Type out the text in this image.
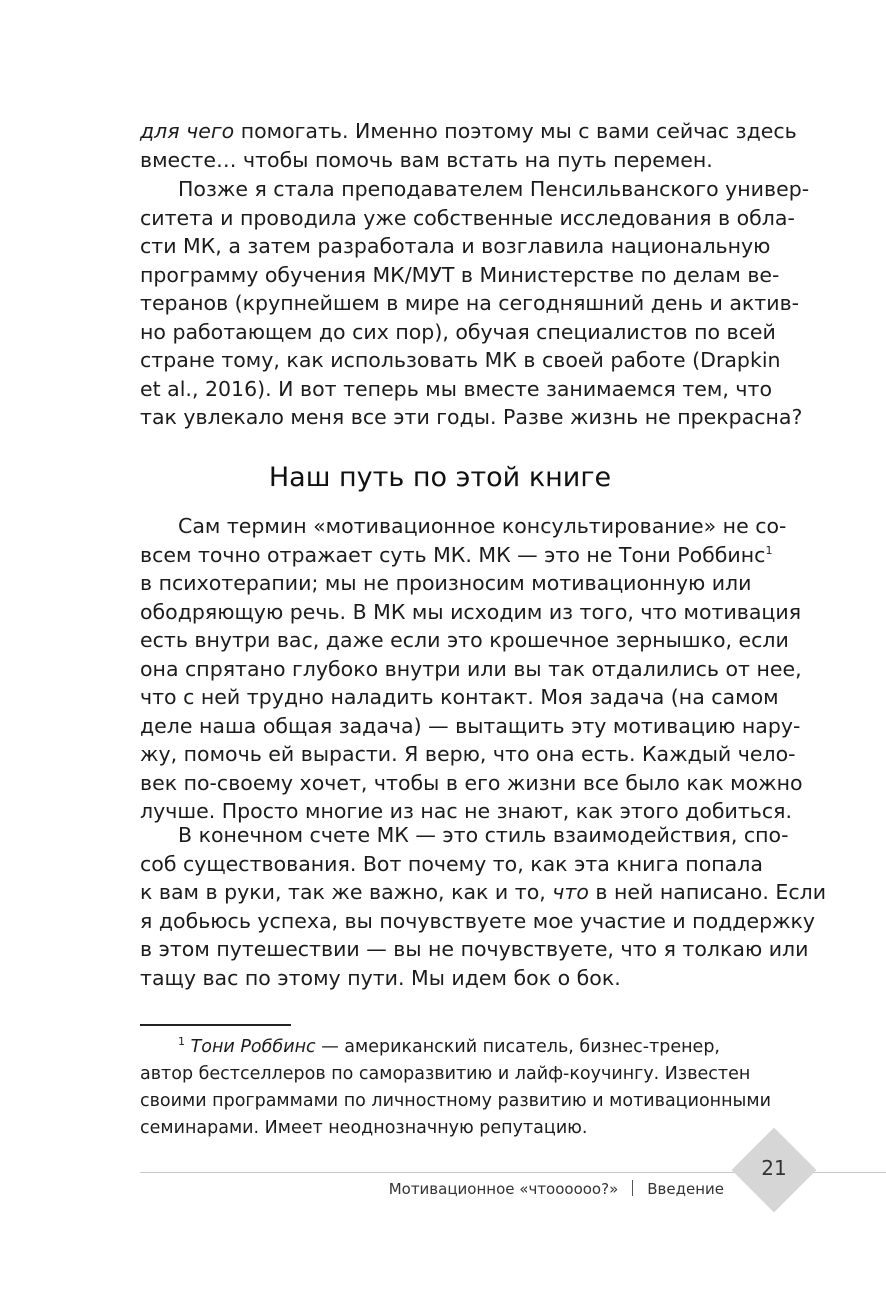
для чего помогать. Именно поэтому мы с вами сейчас здесь
вместе… чтобы помочь вам встать на путь перемен.
Позже я стала преподавателем Пенсильванского универ-
ситета и проводила уже собственные исследования в обла-
сти МК, а затем разработала и возглавила национальную
программу обучения МК/МУТ в Министерстве по делам ве-
теранов (крупнейшем в мире на сегодняшний день и актив-
но работающем до сих пор), обучая специалистов по всей
стране тому, как использовать МК в своей работе (Drapkin
et al., 2016). И вот теперь мы вместе занимаемся тем, что
так увлекало меня все эти годы. Разве жизнь не прекрасна?
Наш путь по этой книге
Сам термин «мотивационное консультирование» не со-
всем точно отражает суть МК. МК — это не Тони Роббинс$^1$
в психотерапии; мы не произносим мотивационную или
ободряющую речь. В МК мы исходим из того, что мотивация
есть внутри вас, даже если это крошечное зернышко, если
она спрятано глубоко внутри или вы так отдалились от нее,
что с ней трудно наладить контакт. Моя задача (на самом
деле наша общая задача) — вытащить эту мотивацию нару-
жу, помочь ей вырасти. Я верю, что она есть. Каждый чело-
век по-своему хочет, чтобы в его жизни все было как можно
лучше. Просто многие из нас не знают, как этого добиться.
В конечном счете МК — это стиль взаимодействия, спо-
соб существования. Вот почему то, как эта книга попала
к вам в руки, так же важно, как и то, что в ней написано. Если
я добьюсь успеха, вы почувствуете мое участие и поддержку
в этом путешествии — вы не почувствуете, что я толкаю или
тащу вас по этому пути. Мы идем бок о бок.
$^1$ Тони Роббинс — американский писатель, бизнес-тренер,
автор бестселлеров по саморазвитию и лайф-коучингу. Известен
своими программами по личностному развитию и мотивационными
семинарами. Имеет неоднозначную репутацию.
21
Мотивационное «чтоооооо?» Введение
